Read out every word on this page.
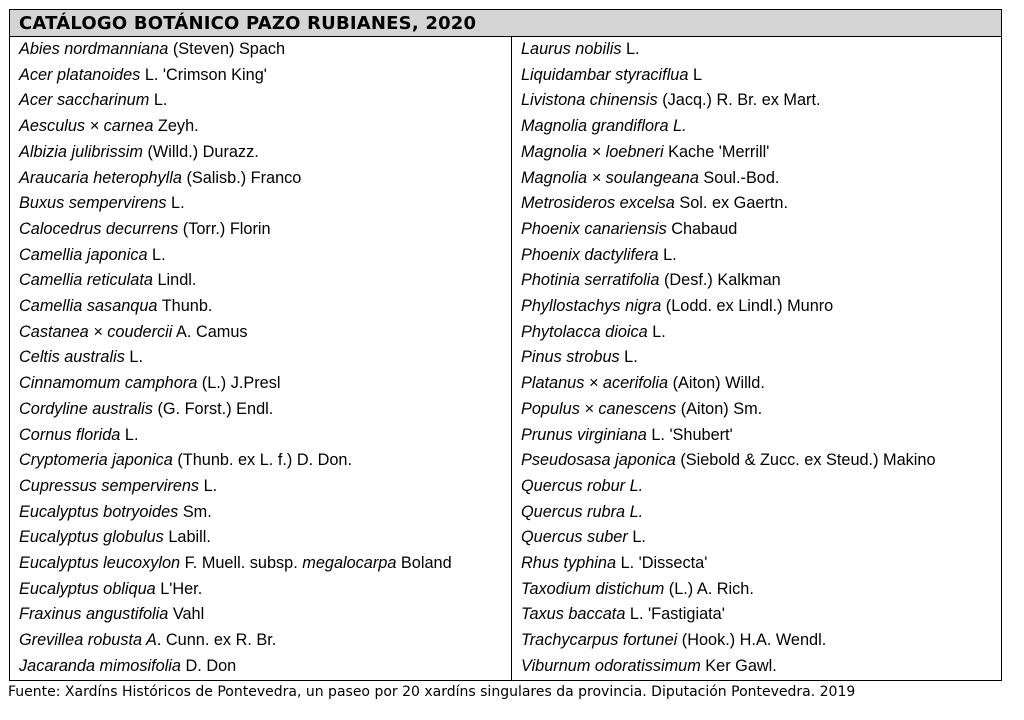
CATÁLOGO BOTÁNICO PAZO RUBIANES, 2020	
Abies nordmanniana (Steven) Spach	Laurus nobilis L.
Acer platanoides L. 'Crimson King'	Liquidambar styraciflua L
Acer saccharinum L.	Livistona chinensis (Jacq.) R. Br. ex Mart.
Aesculus × carnea Zeyh.	Magnolia grandiflora L.
Albizia julibrissim (Willd.) Durazz.	Magnolia × loebneri Kache 'Merrill'
Araucaria heterophylla (Salisb.) Franco	Magnolia × soulangeana Soul.-Bod.
Buxus sempervirens L.	Metrosideros excelsa Sol. ex Gaertn.
Calocedrus decurrens (Torr.) Florin	Phoenix canariensis Chabaud
Camellia japonica L.	Phoenix dactylifera L.
Camellia reticulata Lindl.	Photinia serratifolia (Desf.) Kalkman
Camellia sasanqua Thunb.	Phyllostachys nigra (Lodd. ex Lindl.) Munro
Castanea × coudercii A. Camus	Phytolacca dioica L.
Celtis australis L.	Pinus strobus L.
Cinnamomum camphora (L.) J.Presl	Platanus × acerifolia (Aiton) Willd.
Cordyline australis (G. Forst.) Endl.	Populus × canescens (Aiton) Sm.
Cornus florida L.	Prunus virginiana L. 'Shubert'
Cryptomeria japonica (Thunb. ex L. f.) D. Don.	Pseudosasa japonica (Siebold & Zucc. ex Steud.) Makino
Cupressus sempervirens L.	Quercus robur L.
Eucalyptus botryoides Sm.	Quercus rubra L.
Eucalyptus globulus Labill.	Quercus suber L.
Eucalyptus leucoxylon F. Muell. subsp. megalocarpa Boland	Rhus typhina L. 'Dissecta'
Eucalyptus obliqua L'Her.	Taxodium distichum (L.) A. Rich.
Fraxinus angustifolia Vahl	Taxus baccata L. 'Fastigiata'
Grevillea robusta A. Cunn. ex R. Br.	Trachycarpus fortunei (Hook.) H.A. Wendl.
Jacaranda mimosifolia D. Don	Viburnum odoratissimum Ker Gawl.
Fuente: Xardíns Históricos de Pontevedra, un paseo por 20 xardíns singulares da provincia. Diputación Pontevedra. 2019
